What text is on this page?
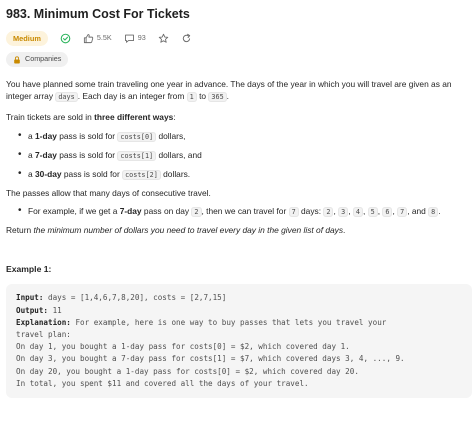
983. Minimum Cost For Tickets
Medium	5.5K	93
Companies

You have planned some train traveling one year in advance. The days of the year in which you will travel are given as an integer array days . Each day is an integer from 1 to 365 .

Train tickets are sold in three different ways:

• a 1-day pass is sold for costs[0] dollars,
• a 7-day pass is sold for costs[1] dollars, and
• a 30-day pass is sold for costs[2] dollars.

The passes allow that many days of consecutive travel.

• For example, if we get a 7-day pass on day 2 , then we can travel for 7 days: 2 , 3 , 4 , 5 , 6 , 7 , and 8 .

Return the minimum number of dollars you need to travel every day in the given list of days.

Example 1:
Input: days = [1,4,6,7,8,20], costs = [2,7,15]
Output: 11
Explanation: For example, here is one way to buy passes that lets you travel your
travel plan:
On day 1, you bought a 1-day pass for costs[0] = $2, which covered day 1.
On day 3, you bought a 7-day pass for costs[1] = $7, which covered days 3, 4, ..., 9.
On day 20, you bought a 1-day pass for costs[0] = $2, which covered day 20.
In total, you spent $11 and covered all the days of your travel.
